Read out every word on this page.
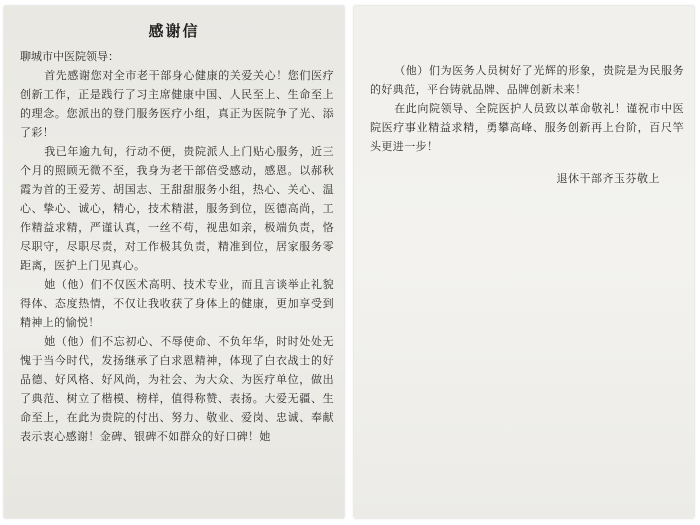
感谢信
聊城市中医院领导：
首先感谢您对全市老干部身心健康的关爱关心！您们医疗创新工作，正是践行了习主席健康中国、人民至上、生命至上的理念。您派出的登门服务医疗小组，真正为医院争了光、添了彩！
我已年逾九旬，行动不便，贵院派人上门贴心服务，近三个月的照顾无微不至，我身为老干部倍受感动，感恩。以郝秋霞为首的王爱芳、胡国志、王甜甜服务小组，热心、关心、温心、挚心、诚心，精心，技术精湛，服务到位，医德高尚，工作精益求精，严谨认真，一丝不苟，视患如亲，极端负责，恪尽职守，尽职尽责，对工作极其负责，精准到位，居家服务零距离，医护上门见真心。
她（他）们不仅医术高明、技术专业，而且言谈举止礼貌得体、态度热情，不仅让我收获了身体上的健康，更加享受到精神上的愉悦！
她（他）们不忘初心、不辱使命、不负年华，时时处处无愧于当今时代，发扬继承了白求恩精神，体现了白衣战士的好品德、好风格、好风尚，为社会、为大众、为医疗单位，做出了典范、树立了楷模、榜样，值得称赞、表扬。大爱无疆、生命至上，在此为贵院的付出、努力、敬业、爱岗、忠诚、奉献表示衷心感谢！金碑、银碑不如群众的好口碑！她
（他）们为医务人员树好了光辉的形象，贵院是为民服务的好典范，平台铸就品牌、品牌创新未来！
在此向院领导、全院医护人员致以革命敬礼！谨祝市中医院医疗事业精益求精，勇攀高峰、服务创新再上台阶，百尺竿头更进一步！
退休干部齐玉芬敬上
